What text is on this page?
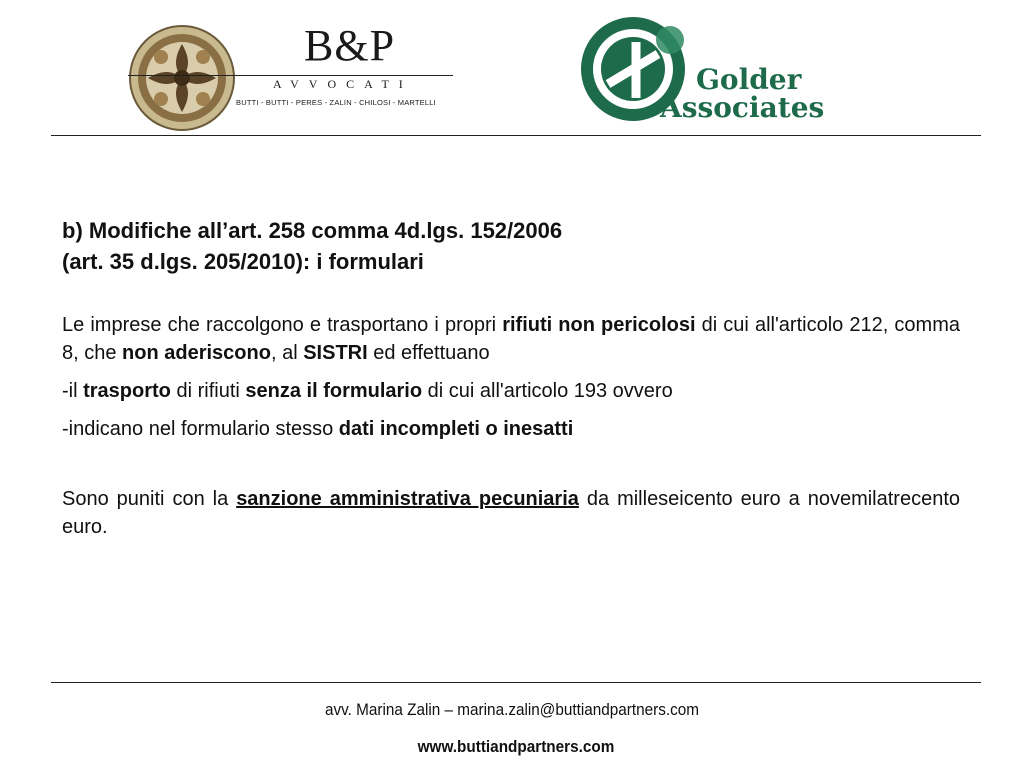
B&P
AVVOCATI
BUTTI - BUTTI - PERES - ZALIN - CHILOSI - MARTELLI
Golder
Associates

b) Modifiche all’art. 258 comma 4d.lgs. 152/2006
(art. 35 d.lgs. 205/2010): i formulari

Le imprese che raccolgono e trasportano i propri rifiuti non pericolosi di cui all'articolo 212, comma 8, che non aderiscono, al SISTRI ed effettuano

-il trasporto di rifiuti senza il formulario di cui all'articolo 193 ovvero

-indicano nel formulario stesso dati incompleti o inesatti

Sono puniti con la sanzione amministrativa pecuniaria da milleseicento euro a novemilatrecento euro.

avv. Marina Zalin – marina.zalin@buttiandpartners.com
www.buttiandpartners.com
